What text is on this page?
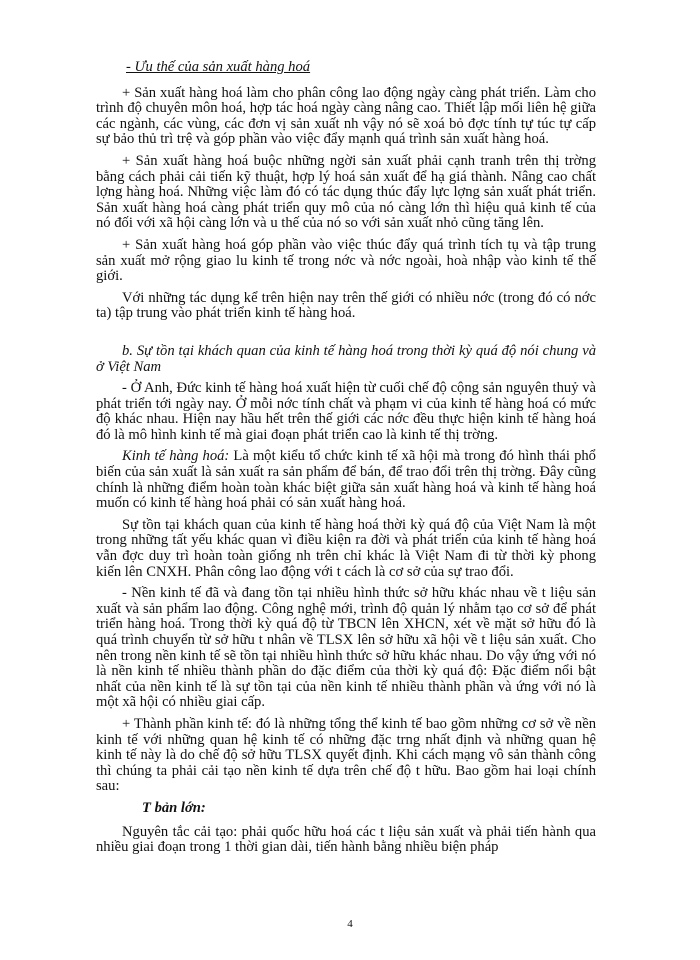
- Ưu thế của sản xuất hàng hoá

+ Sản xuất hàng hoá làm cho phân công lao động ngày càng phát triển. Làm cho trình độ chuyên môn hoá, hợp tác hoá ngày càng nâng cao. Thiết lập mối liên hệ giữa các ngành, các vùng, các đơn vị sản xuất nh vậy nó sẽ xoá bỏ đợc tính tự túc tự cấp sự bảo thủ trì trệ và góp phần vào việc đẩy mạnh quá trình sản xuất hàng hoá.

+ Sản xuất hàng hoá buộc những ngời sản xuất phải cạnh tranh trên thị trờng bằng cách phải cải tiến kỹ thuật, hợp lý hoá sản xuất để hạ giá thành. Nâng cao chất lợng hàng hoá. Những việc làm đó có tác dụng thúc đẩy lực lợng sản xuất phát triển. Sản xuất hàng hoá càng phát triển quy mô của nó càng lớn thì hiệu quả kinh tế của nó đối với xã hội càng lớn và u thế của nó so với sản xuất nhỏ cũng tăng lên.

+ Sản xuất hàng hoá góp phần vào việc thúc đẩy quá trình tích tụ và tập trung sản xuất mở rộng giao lu kinh tế trong nớc và nớc ngoài, hoà nhập vào kinh tế thế giới.

Với những tác dụng kể trên hiện nay trên thế giới có nhiều nớc (trong đó có nớc ta) tập trung vào phát triển kinh tế hàng hoá.

b. Sự tồn tại khách quan của kinh tế hàng hoá trong thời kỳ quá độ nói chung và ở Việt Nam

- Ở Anh, Đức kinh tế hàng hoá xuất hiện từ cuối chế độ cộng sản nguyên thuỷ và phát triển tới ngày nay. Ở mỗi nớc tính chất và phạm vi của kinh tế hàng hoá có mức độ khác nhau. Hiện nay hầu hết trên thế giới các nớc đều thực hiện kinh tế hàng hoá đó là mô hình kinh tế mà giai đoạn phát triển cao là kinh tế thị trờng.

Kinh tế hàng hoá: Là một kiểu tổ chức kinh tế xã hội mà trong đó hình thái phổ biến của sản xuất là sản xuất ra sản phẩm để bán, để trao đổi trên thị trờng. Đây cũng chính là những điểm hoàn toàn khác biệt giữa sản xuất hàng hoá và kinh tế hàng hoá muốn có kinh tế hàng hoá phải có sản xuất hàng hoá.

Sự tồn tại khách quan của kinh tế hàng hoá thời kỳ quá độ của Việt Nam là một trong những tất yếu khác quan vì điều kiện ra đời và phát triển của kinh tế hàng hoá vẫn đợc duy trì hoàn toàn giống nh trên chỉ khác là Việt Nam đi từ thời kỳ phong kiến lên CNXH. Phân công lao động với t cách là cơ sở của sự trao đổi.

- Nền kinh tế đã và đang tồn tại nhiều hình thức sở hữu khác nhau về t liệu sản xuất và sản phẩm lao động. Công nghệ mới, trình độ quản lý nhằm tạo cơ sở để phát triển hàng hoá. Trong thời kỳ quá độ từ TBCN lên XHCN, xét về mặt sở hữu đó là quá trình chuyển từ sở hữu t nhân về TLSX lên sở hữu xã hội về t liệu sản xuất. Cho nên trong nền kinh tế sẽ tồn tại nhiều hình thức sở hữu khác nhau. Do vậy ứng với nó là nền kinh tế nhiều thành phần do đặc điểm của thời kỳ quá độ: Đặc điểm nổi bật nhất của nền kinh tế là sự tồn tại của nền kinh tế nhiều thành phần và ứng với nó là một xã hội có nhiều giai cấp.

+ Thành phần kinh tế: đó là những tổng thể kinh tế bao gồm những cơ sở về nền kinh tế với những quan hệ kinh tế có những đặc trng nhất định và những quan hệ kinh tế này là do chế độ sở hữu TLSX quyết định. Khi cách mạng vô sản thành công thì chúng ta phải cải tạo nền kinh tế dựa trên chế độ t hữu. Bao gồm hai loại chính sau:

T bản lớn:

Nguyên tắc cải tạo: phải quốc hữu hoá các t liệu sản xuất và phải tiến hành qua nhiều giai đoạn trong 1 thời gian dài, tiến hành bằng nhiều biện pháp

4
